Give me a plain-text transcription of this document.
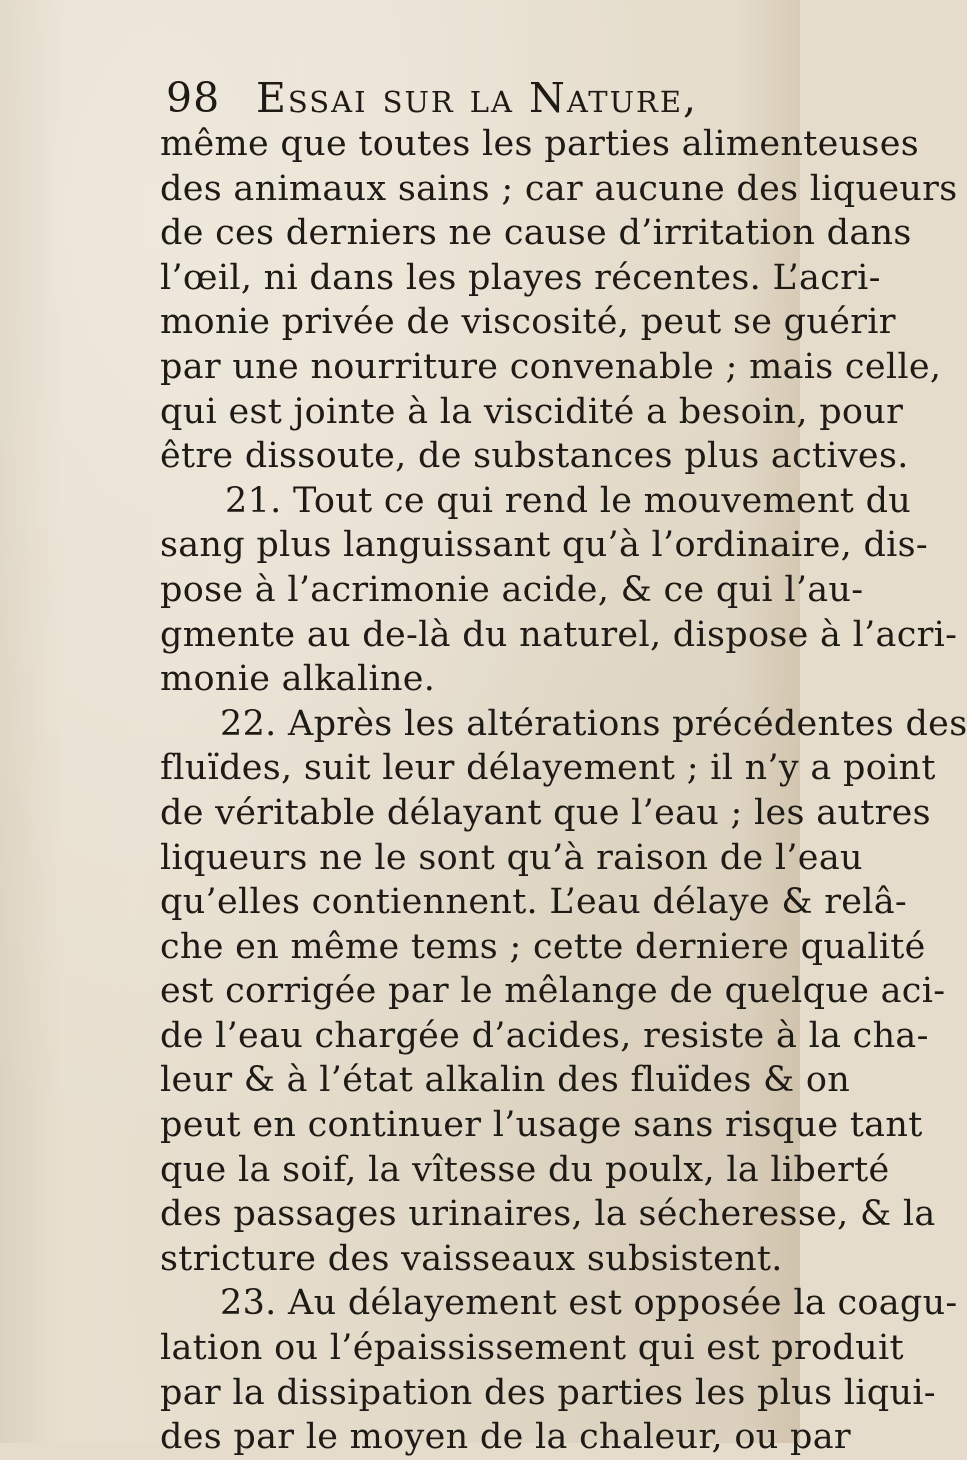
98 Essai sur la Nature,
même que toutes les parties alimenteuses
des animaux sains ; car aucune des liqueurs
de ces derniers ne cause d’irritation dans
l’œil, ni dans les playes récentes. L’acri-
monie privée de viscosité, peut se guérir
par une nourriture convenable ; mais celle,
qui est jointe à la viscidité a besoin, pour
être dissoute, de substances plus actives.
21. Tout ce qui rend le mouvement du
sang plus languissant qu’à l’ordinaire, dis-
pose à l’acrimonie acide, & ce qui l’au-
gmente au de-là du naturel, dispose à l’acri-
monie alkaline.
22. Après les altérations précédentes des
fluïdes, suit leur délayement ; il n’y a point
de véritable délayant que l’eau ; les autres
liqueurs ne le sont qu’à raison de l’eau
qu’elles contiennent. L’eau délaye & relâ-
che en même tems ; cette derniere qualité
est corrigée par le mêlange de quelque aci-
de l’eau chargée d’acides, resiste à la cha-
leur & à l’état alkalin des fluïdes & on
peut en continuer l’usage sans risque tant
que la soif, la vîtesse du poulx, la liberté
des passages urinaires, la sécheresse, & la
stricture des vaisseaux subsistent.
23. Au délayement est opposée la coagu-
lation ou l’épaississement qui est produit
par la dissipation des parties les plus liqui-
des par le moyen de la chaleur, ou par
